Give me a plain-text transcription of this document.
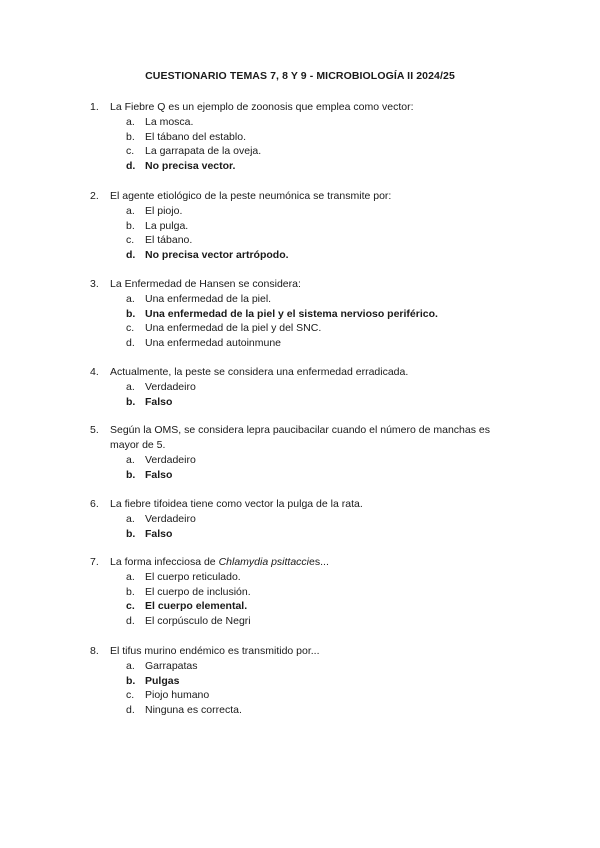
CUESTIONARIO TEMAS 7, 8 Y 9 - MICROBIOLOGÍA II 2024/25
1. La Fiebre Q es un ejemplo de zoonosis que emplea como vector:
a. La mosca.
b. El tábano del establo.
c. La garrapata de la oveja.
d. No precisa vector.
2. El agente etiológico de la peste neumónica se transmite por:
a. El piojo.
b. La pulga.
c. El tábano.
d. No precisa vector artrópodo.
3. La Enfermedad de Hansen se considera:
a. Una enfermedad de la piel.
b. Una enfermedad de la piel y el sistema nervioso periférico.
c. Una enfermedad de la piel y del SNC.
d. Una enfermedad autoinmune
4. Actualmente, la peste se considera una enfermedad erradicada.
a. Verdadeiro
b. Falso
5. Según la OMS, se considera lepra paucibacilar cuando el número de manchas es mayor de 5.
a. Verdadeiro
b. Falso
6. La fiebre tifoidea tiene como vector la pulga de la rata.
a. Verdadeiro
b. Falso
7. La forma infecciosa de Chlamydia psittaccies...
a. El cuerpo reticulado.
b. El cuerpo de inclusión.
c. El cuerpo elemental.
d. El corpúsculo de Negri
8. El tifus murino endémico es transmitido por...
a. Garrapatas
b. Pulgas
c. Piojo humano
d. Ninguna es correcta.
